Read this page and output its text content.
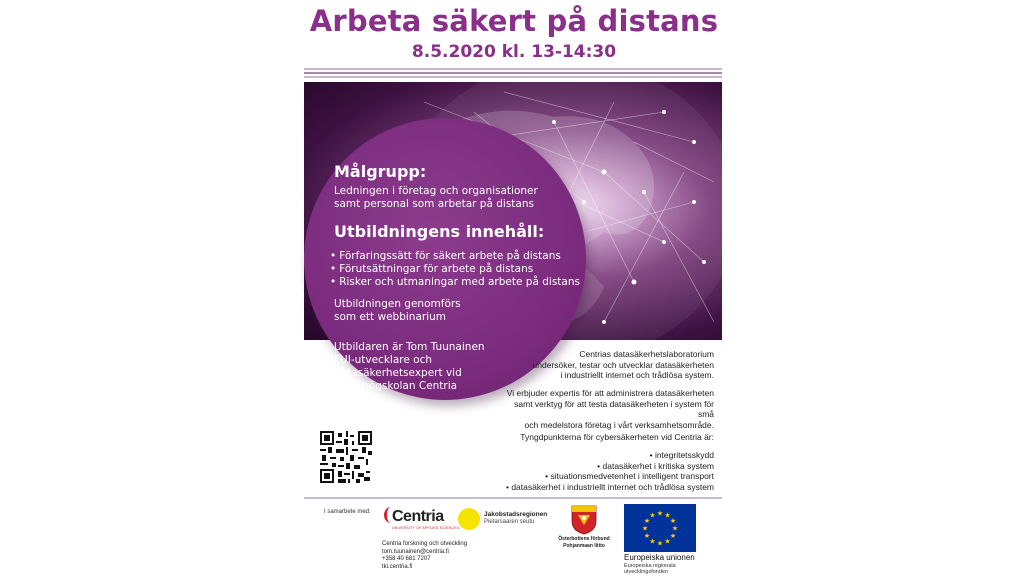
Arbeta säkert på distans
8.5.2020 kl. 13-14:30
Målgrupp:
Ledningen i företag och organisationer
samt personal som arbetar på distans
Utbildningens innehåll:
• Förfaringssätt för säkert arbete på distans
• Förutsättningar för arbete på distans
• Risker och utmaningar med arbete på distans
Utbildningen genomförs
som ett webbinarium
Utbildaren är Tom Tuunainen
FUI-utvecklare och
datasäkerhetsexpert vid
yrkeshögskolan Centria
Centrias datasäkerhetslaboratorium
undersöker, testar och utvecklar datasäkerheten
i industriellt internet och trådlösa system.
Vi erbjuder expertis för att administrera datasäkerheten
samt verktyg för att testa datasäkerheten i system för små
och medelstora företag i vårt verksamhetsområde.
Tyngdpunkterna för cybersäkerheten vid Centria är:
• integritetsskydd
• datasäkerhet i kritiska system
• situationsmedvetenhet i intelligent transport
• datasäkerhet i industriellt internet och trådlösa system
I samarbete med: Centria
UNIVERSITY OF APPLIED SCIENCES
Centria forskning och utveckling
tom.tuunainen@centria.fi
+358 40 681 7207
tki.centria.fi
Jakobstadsregionen
Pietarsaaren seutu
Österbottens förbund
Pohjanmaan liitto
★ ★
★
★
★
★
★
★
★
★
★
★
Europeiska unionen
Europeiska regionala
utvecklingsfonden
